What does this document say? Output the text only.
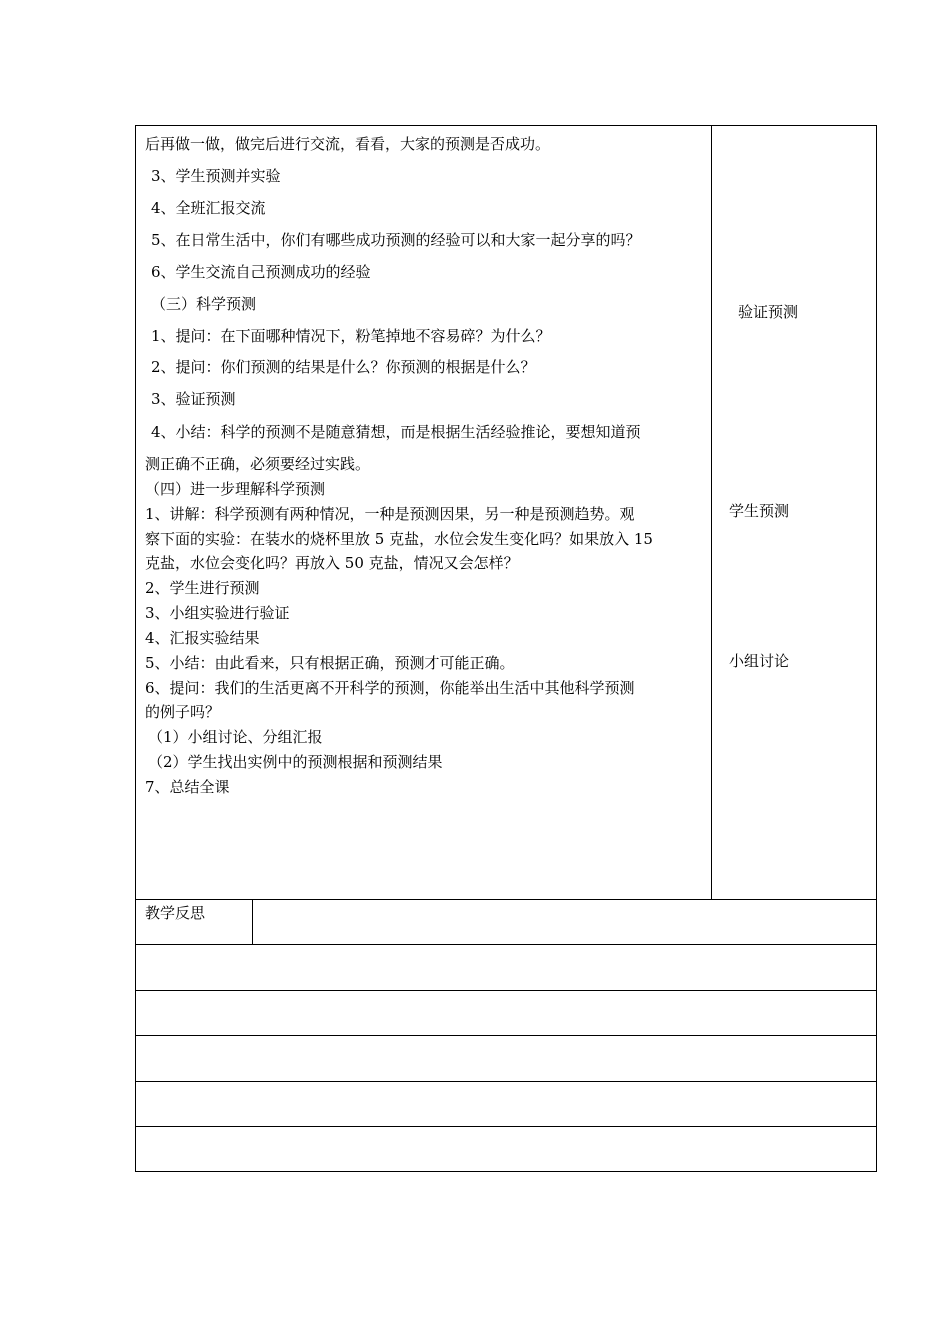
后再做一做，做完后进行交流，看看，大家的预测是否成功。
3、学生预测并实验
4、全班汇报交流
5、在日常生活中，你们有哪些成功预测的经验可以和大家一起分享的吗？
6、学生交流自己预测成功的经验
（三）科学预测
1、提问：在下面哪种情况下，粉笔掉地不容易碎？为什么？
2、提问：你们预测的结果是什么？你预测的根据是什么？
3、验证预测
4、小结：科学的预测不是随意猜想，而是根据生活经验推论，要想知道预
测正确不正确，必须要经过实践。
（四）进一步理解科学预测
1、讲解：科学预测有两种情况，一种是预测因果，另一种是预测趋势。观
察下面的实验：在装水的烧杯里放 5 克盐，水位会发生变化吗？如果放入 15
克盐，水位会变化吗？再放入 50 克盐，情况又会怎样？
2、学生进行预测
3、小组实验进行验证
4、汇报实验结果
5、小结：由此看来，只有根据正确，预测才可能正确。
6、提问：我们的生活更离不开科学的预测，你能举出生活中其他科学预测
的例子吗？
（1）小组讨论、分组汇报
（2）学生找出实例中的预测根据和预测结果
7、总结全课
验证预测
学生预测
小组讨论
教学反思
